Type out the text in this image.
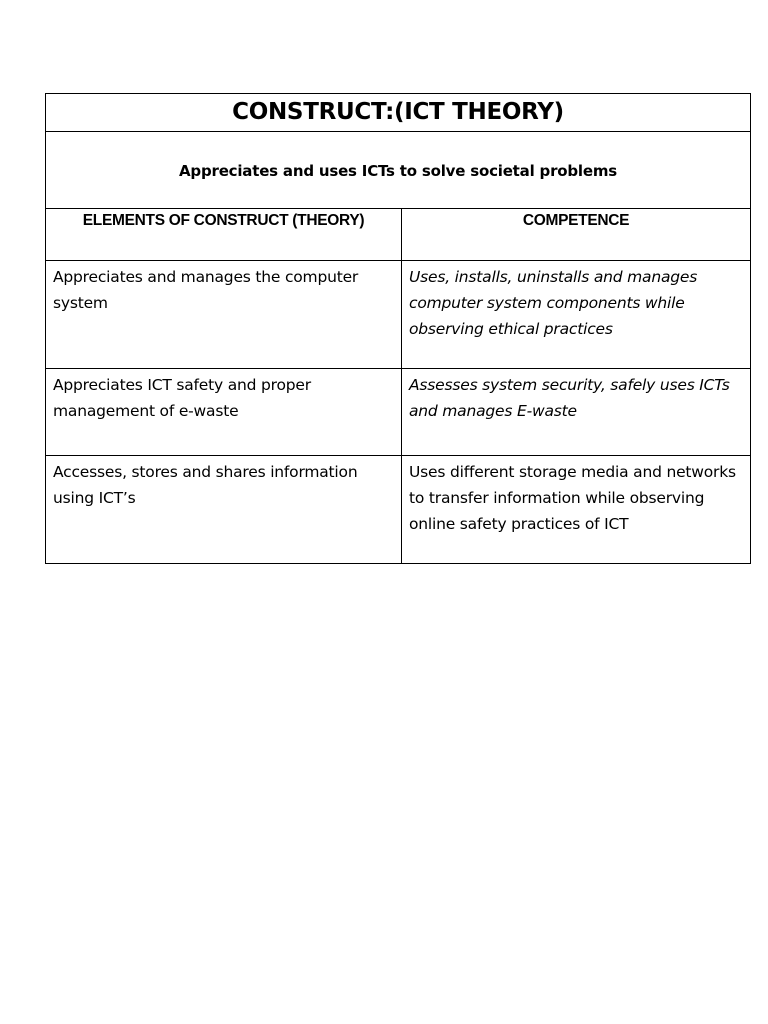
CONSTRUCT:(ICT THEORY)	
Appreciates and uses ICTs to solve societal problems	

ELEMENTS OF CONSTRUCT (THEORY)	COMPETENCE

Appreciates and manages the computer system	Uses, installs, uninstalls and manages computer system components while observing ethical practices

Appreciates ICT safety and proper management of e-waste	Assesses system security, safely uses ICTs and manages E-waste

Accesses, stores and shares information using ICT’s	Uses different storage media and networks to transfer information while observing online safety practices of ICT
